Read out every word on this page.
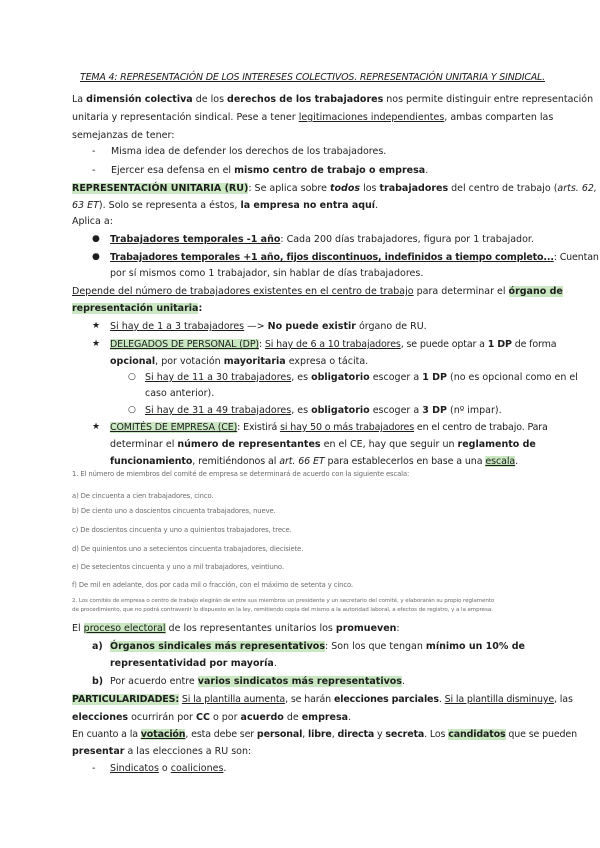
TEMA 4: REPRESENTACIÓN DE LOS INTERESES COLECTIVOS. REPRESENTACIÓN UNITARIA Y SINDICAL.
La dimensión colectiva de los derechos de los trabajadores nos permite distinguir entre representación
unitaria y representación sindical. Pese a tener legitimaciones independientes, ambas comparten las
semejanzas de tener:
- Misma idea de defender los derechos de los trabajadores.
- Ejercer esa defensa en el mismo centro de trabajo o empresa.
REPRESENTACIÓN UNITARIA (RU): Se aplica sobre todos los trabajadores del centro de trabajo (arts. 62,
63 ET). Solo se representa a éstos, la empresa no entra aquí.
Aplica a:
● Trabajadores temporales -1 año: Cada 200 días trabajadores, figura por 1 trabajador.
● Trabajadores temporales +1 año, fijos discontinuos, indefinidos a tiempo completo...: Cuentan
por sí mismos como 1 trabajador, sin hablar de días trabajadores.
Depende del número de trabajadores existentes en el centro de trabajo para determinar el órgano de
representación unitaria:
★ Si hay de 1 a 3 trabajadores —> No puede existir órgano de RU.
★ DELEGADOS DE PERSONAL (DP): Si hay de 6 a 10 trabajadores, se puede optar a 1 DP de forma
opcional, por votación mayoritaria expresa o tácita.
○ Si hay de 11 a 30 trabajadores, es obligatorio escoger a 1 DP (no es opcional como en el
caso anterior).
○ Si hay de 31 a 49 trabajadores, es obligatorio escoger a 3 DP (nº impar).
★ COMITÉS DE EMPRESA (CE): Existirá si hay 50 o más trabajadores en el centro de trabajo. Para
determinar el número de representantes en el CE, hay que seguir un reglamento de
funcionamiento, remitiéndonos al art. 66 ET para establecerlos en base a una escala.
1. El número de miembros del comité de empresa se determinará de acuerdo con la siguiente escala:
a) De cincuenta a cien trabajadores, cinco.
b) De ciento uno a doscientos cincuenta trabajadores, nueve.
c) De doscientos cincuenta y uno a quinientos trabajadores, trece.
d) De quinientos uno a setecientos cincuenta trabajadores, diecisiete.
e) De setecientos cincuenta y uno a mil trabajadores, veintiuno.
f) De mil en adelante, dos por cada mil o fracción, con el máximo de setenta y cinco.
2. Los comités de empresa o centro de trabajo elegirán de entre sus miembros un presidente y un secretario del comité, y elaborarán su propio reglamento
de procedimiento, que no podrá contravenir lo dispuesto en la ley, remitiendo copia del mismo a la autoridad laboral, a efectos de registro, y a la empresa.
El proceso electoral de los representantes unitarios los promueven:
a) Órganos sindicales más representativos: Son los que tengan mínimo un 10% de
representatividad por mayoría.
b) Por acuerdo entre varios sindicatos más representativos.
PARTICULARIDADES: Si la plantilla aumenta, se harán elecciones parciales. Si la plantilla disminuye, las
elecciones ocurrirán por CC o por acuerdo de empresa.
En cuanto a la votación, esta debe ser personal, libre, directa y secreta. Los candidatos que se pueden
presentar a las elecciones a RU son:
- Sindicatos o coaliciones.
